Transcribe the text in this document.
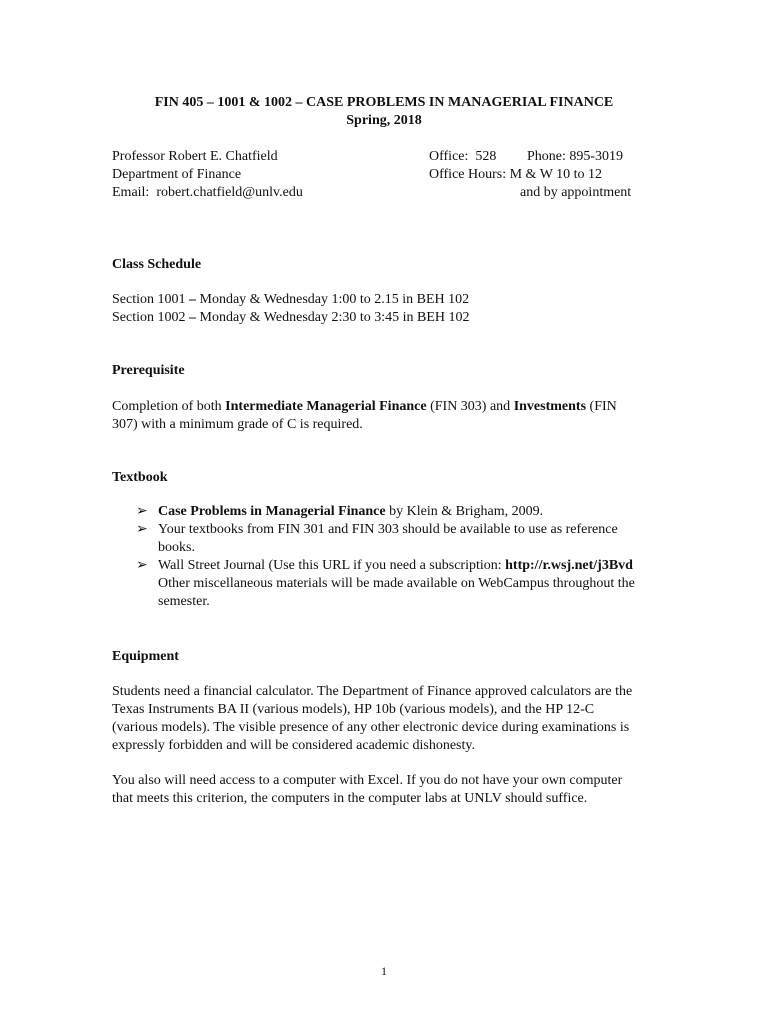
FIN 405 – 1001 & 1002 – CASE PROBLEMS IN MANAGERIAL FINANCE
Spring, 2018
Professor Robert E. Chatfield
Department of Finance
Email: robert.chatfield@unlv.edu
Office: 528 Phone: 895-3019
Office Hours: M & W 10 to 12
and by appointment
Class Schedule
Section 1001 – Monday & Wednesday 1:00 to 2.15 in BEH 102
Section 1002 – Monday & Wednesday 2:30 to 3:45 in BEH 102
Prerequisite
Completion of both Intermediate Managerial Finance (FIN 303) and Investments (FIN
307) with a minimum grade of C is required.
Textbook
➢ Case Problems in Managerial Finance by Klein & Brigham, 2009.
➢ Your textbooks from FIN 301 and FIN 303 should be available to use as reference
books.
➢ Wall Street Journal (Use this URL if you need a subscription: http://r.wsj.net/j3Bvd
Other miscellaneous materials will be made available on WebCampus throughout the
semester.
Equipment
Students need a financial calculator. The Department of Finance approved calculators are the
Texas Instruments BA II (various models), HP 10b (various models), and the HP 12-C
(various models). The visible presence of any other electronic device during examinations is
expressly forbidden and will be considered academic dishonesty.
You also will need access to a computer with Excel. If you do not have your own computer
that meets this criterion, the computers in the computer labs at UNLV should suffice.
1
